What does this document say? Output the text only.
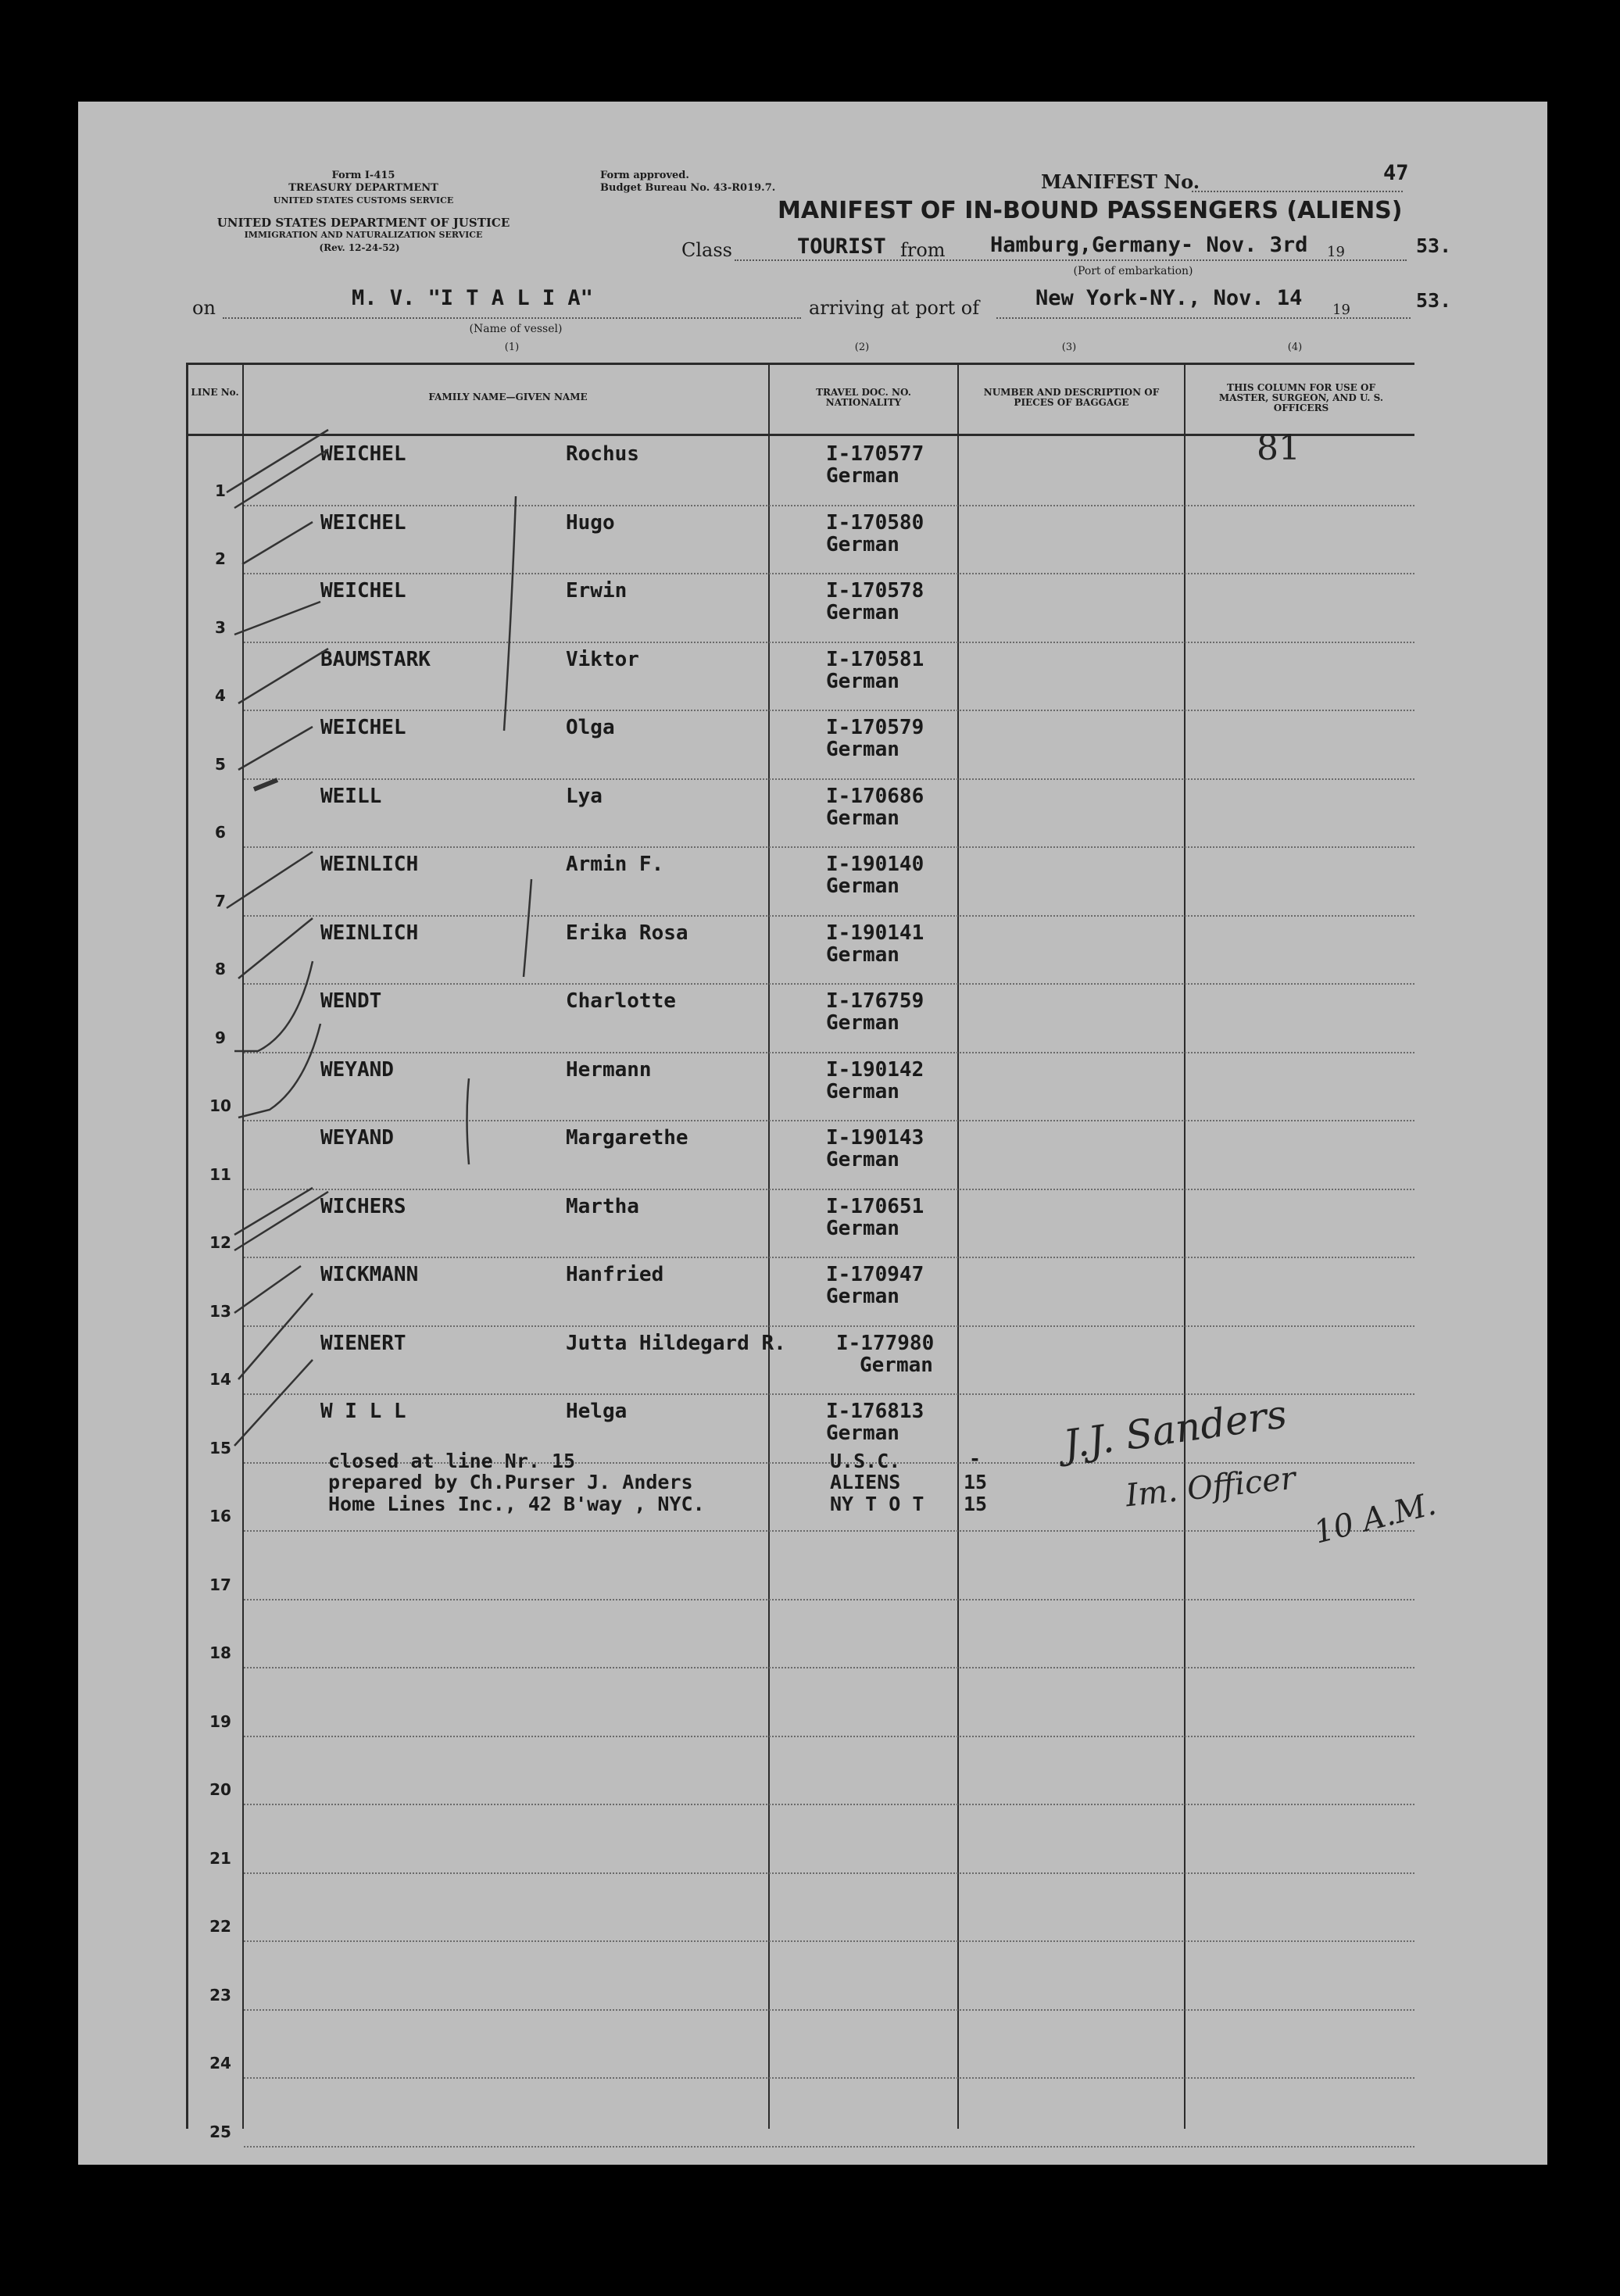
Form I-415
TREASURY DEPARTMENT
UNITED STATES CUSTOMS SERVICE
UNITED STATES DEPARTMENT OF JUSTICE
IMMIGRATION AND NATURALIZATION SERVICE
(Rev. 12-24-52)
Form approved.
Budget Bureau No. 43-R019.7.	MANIFEST No.	47
MANIFEST OF IN-BOUND PASSENGERS (ALIENS)
Class	TOURIST from Hamburg,Germany- Nov. 3rd 19	53.
(Port of embarkation)
on	M. V. "I T A L I A"
(Name of vessel)
arriving at port of	New York-NY., Nov. 14 19	53.
(1)	(2)	(3)	(4)
LINE No.	FAMILY NAME—GIVEN NAME	TRAVEL DOC. NO. NATIONALITY
NUMBER AND DESCRIPTION OF PIECES OF BAGGAGE
THIS COLUMN FOR USE OF MASTER, SURGEON, AND U. S. OFFICERS
1
WEICHEL	Rochus	I-170577
German
2
WEICHEL	Hugo	I-170580
German
3
WEICHEL	Erwin	I-170578
German
4
BAUMSTARK	Viktor	I-170581
German
5
WEICHEL	Olga	I-170579
German
6
WEILL	Lya	I-170686
German
7
WEINLICH	Armin F.	I-190140
German
8
WEINLICH	Erika Rosa	I-190141
German
9
WENDT	Charlotte	I-176759
German
10
WEYAND	Hermann	I-190142
German
11
WEYAND	Margarethe	I-190143
German
12
WICHERS	Martha	I-170651
German
13
WICKMANN	Hanfried	I-170947
German
14
WIENERT	Jutta Hildegard R. I-177980
German
15
W I L L	Helga	I-176813
German
16
17
18
19
20
21
22
23
24
25
81
closed at line Nr. 15
prepared by Ch.Purser J. Anders
Home Lines Inc., 42 B'way , NYC.
U.S.C.	-
ALIENS	15
NY T O T 15
J.J. Sanders
Im. Officer 10 A.M.
